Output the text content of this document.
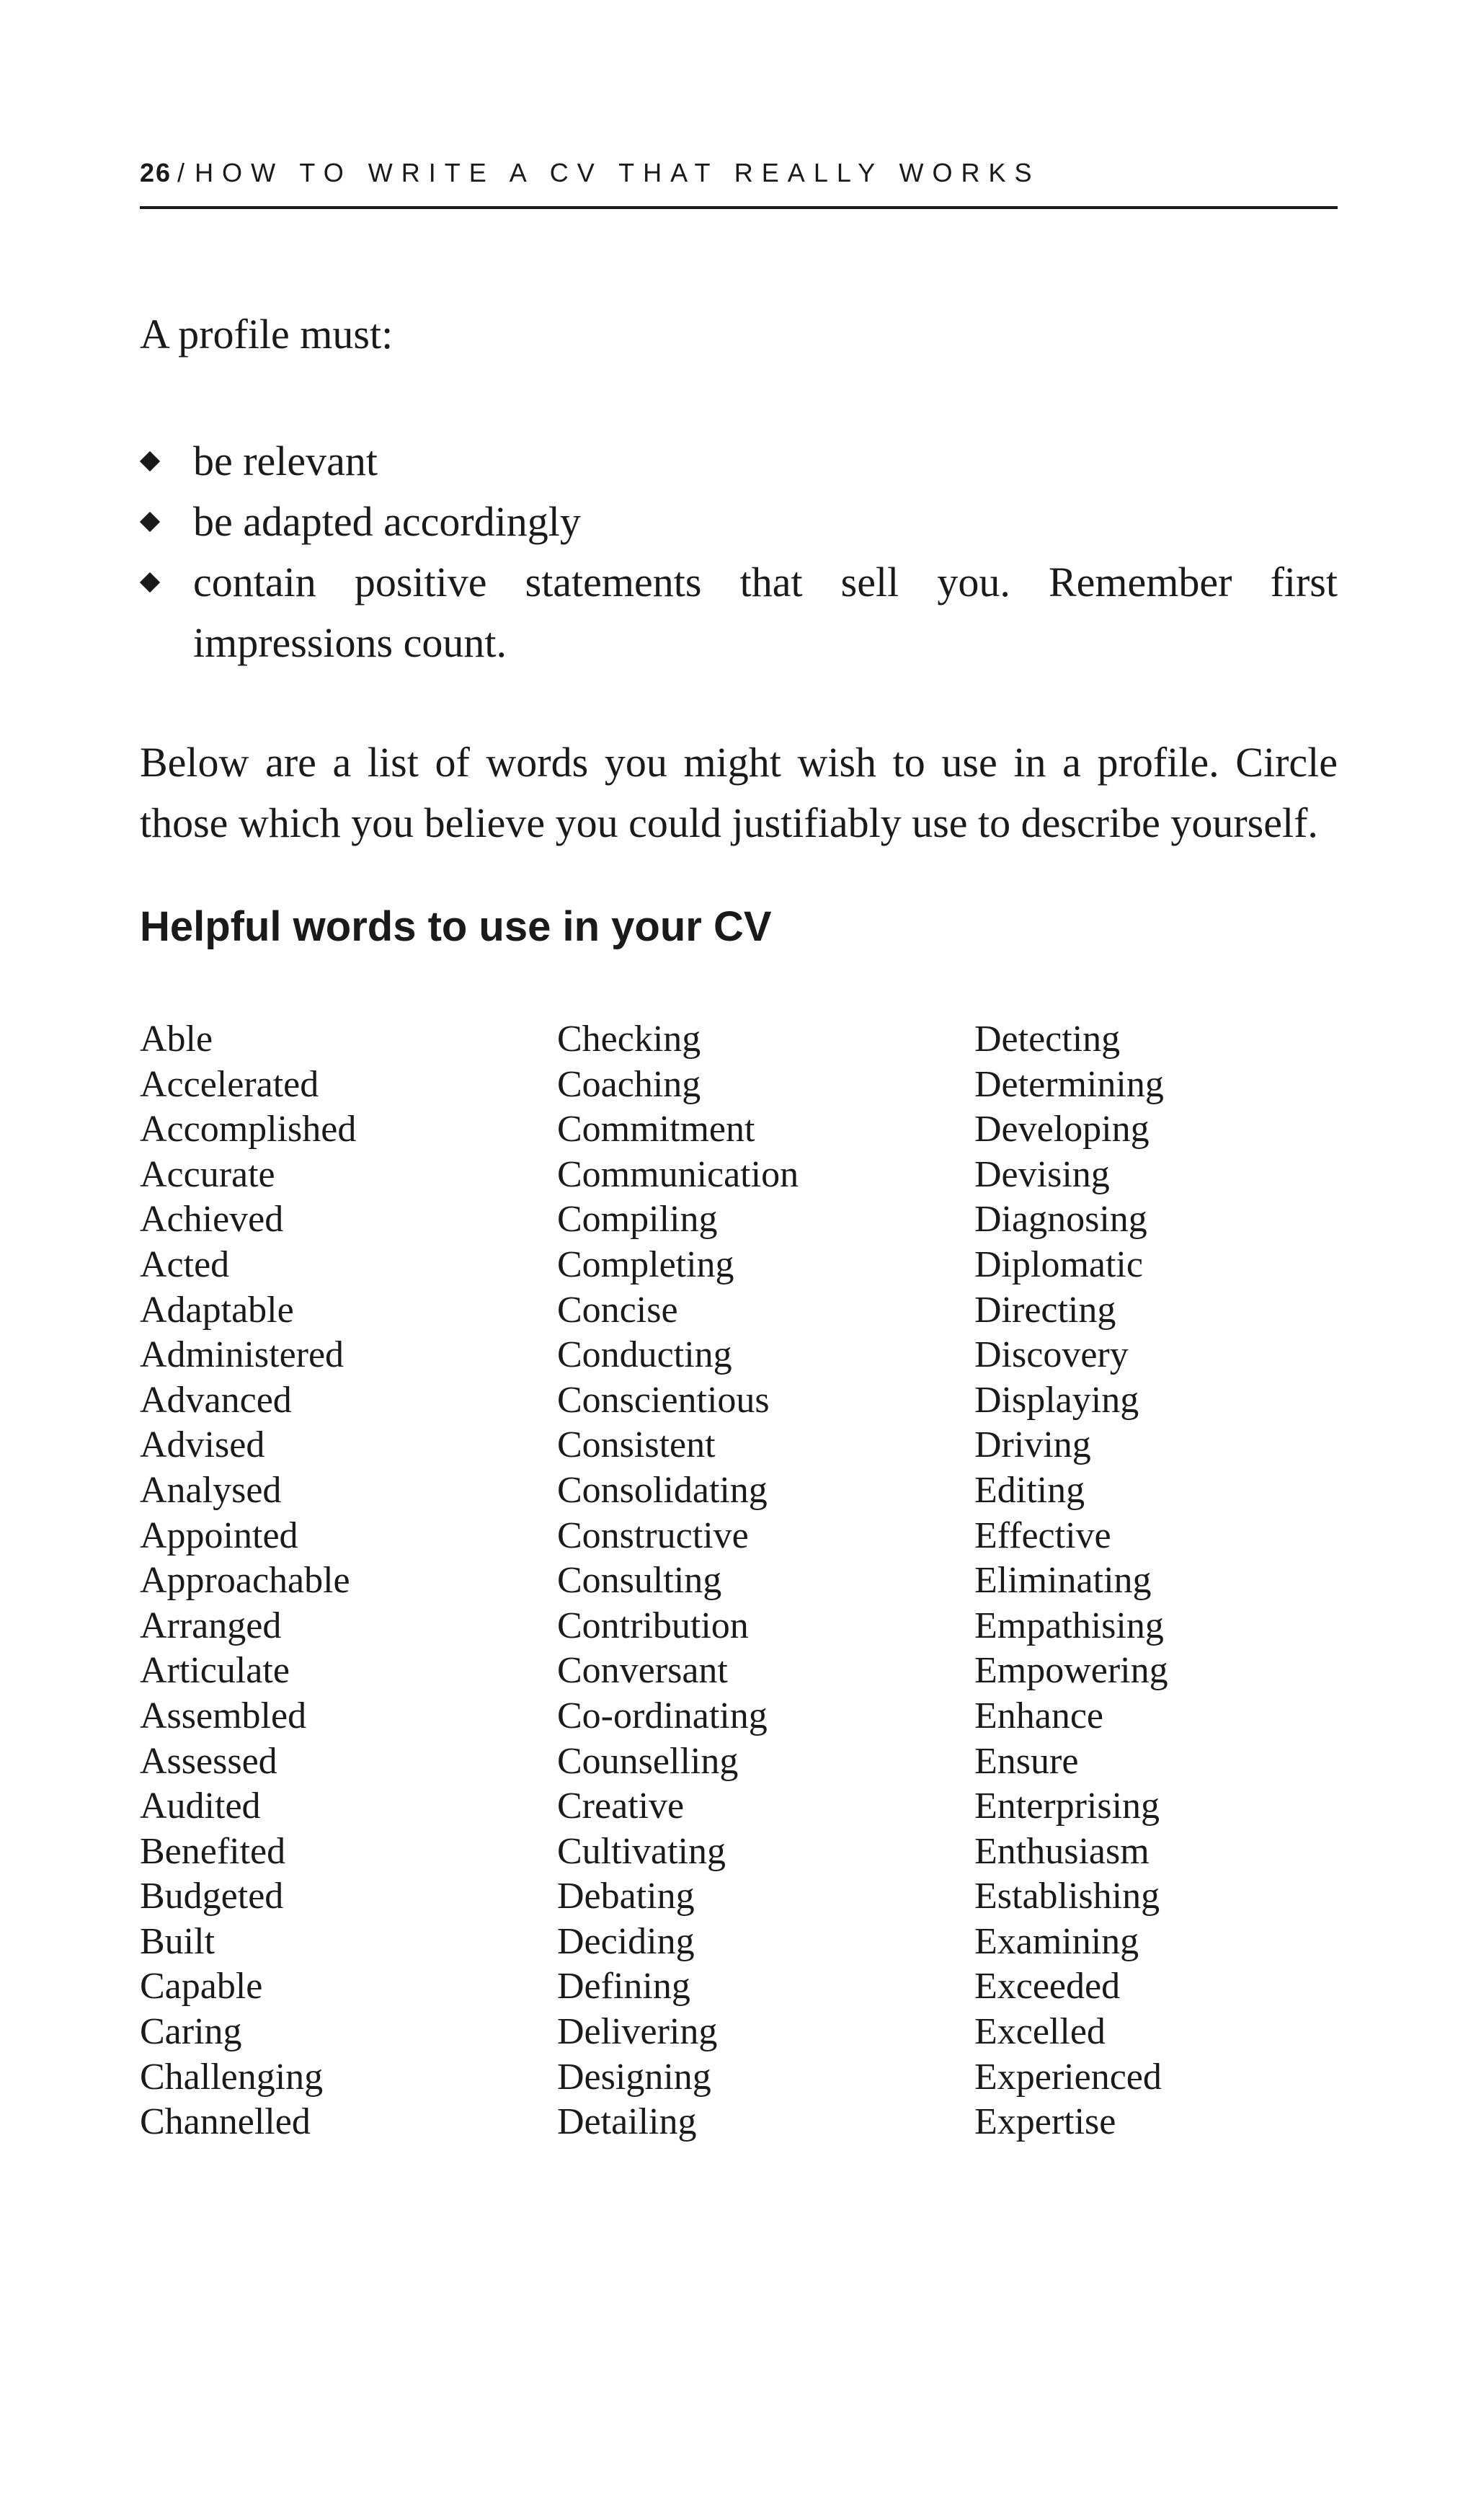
26 / HOW TO WRITE A CV THAT REALLY WORKS

A profile must:

be relevant
be adapted accordingly
contain positive statements that sell you. Remember first impressions count.

Below are a list of words you might wish to use in a profile. Circle those which you believe you could justifiably use to describe yourself.

Helpful words to use in your CV
Able
Accelerated
Accomplished
Accurate
Achieved
Acted
Adaptable
Administered
Advanced
Advised
Analysed
Appointed
Approachable
Arranged
Articulate
Assembled
Assessed
Audited
Benefited
Budgeted
Built
Capable
Caring
Challenging
Channelled
Checking
Coaching
Commitment
Communication
Compiling
Completing
Concise
Conducting
Conscientious
Consistent
Consolidating
Constructive
Consulting
Contribution
Conversant
Co-ordinating
Counselling
Creative
Cultivating
Debating
Deciding
Defining
Delivering
Designing
Detailing
Detecting
Determining
Developing
Devising
Diagnosing
Diplomatic
Directing
Discovery
Displaying
Driving
Editing
Effective
Eliminating
Empathising
Empowering
Enhance
Ensure
Enterprising
Enthusiasm
Establishing
Examining
Exceeded
Excelled
Experienced
Expertise
